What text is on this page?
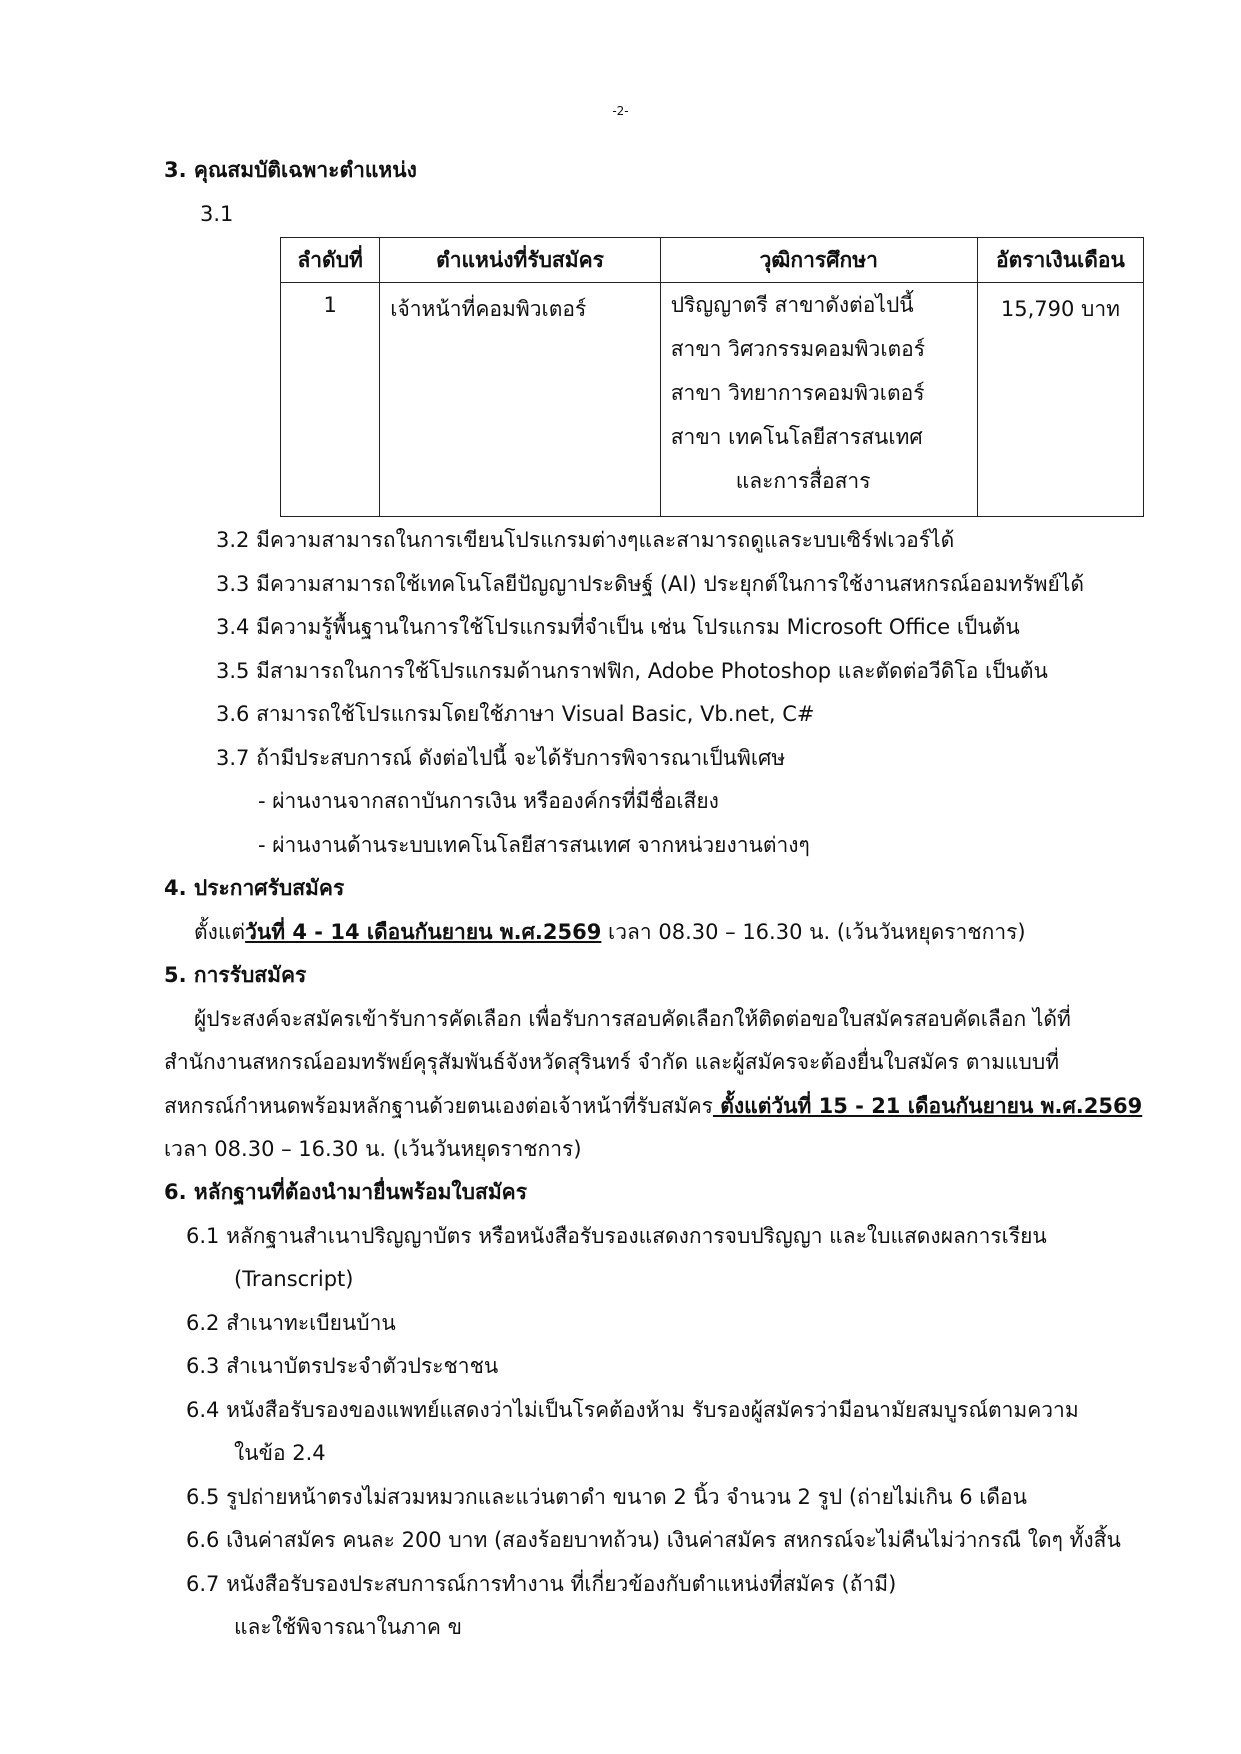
-2-
3. คุณสมบัติเฉพาะตำแหน่ง
3.1
ลำดับที่	ตำแหน่งที่รับสมัคร	วุฒิการศึกษา	อัตราเงินเดือน
1	เจ้าหน้าที่คอมพิวเตอร์	ปริญญาตรี สาขาดังต่อไปนี้
สาขา วิศวกรรมคอมพิวเตอร์
สาขา วิทยาการคอมพิวเตอร์
สาขา เทคโนโลยีสารสนเทศ
และการสื่อสาร	15,790 บาท
3.2 มีความสามารถในการเขียนโปรแกรมต่างๆและสามารถดูแลระบบเซิร์ฟเวอร์ได้
3.3 มีความสามารถใช้เทคโนโลยีปัญญาประดิษฐ์ (AI) ประยุกต์ในการใช้งานสหกรณ์ออมทรัพย์ได้
3.4 มีความรู้พื้นฐานในการใช้โปรแกรมที่จำเป็น เช่น โปรแกรม Microsoft Office เป็นต้น
3.5 มีสามารถในการใช้โปรแกรมด้านกราฟฟิก, Adobe Photoshop และตัดต่อวีดิโอ เป็นต้น
3.6 สามารถใช้โปรแกรมโดยใช้ภาษา Visual Basic, Vb.net, C#
3.7 ถ้ามีประสบการณ์ ดังต่อไปนี้ จะได้รับการพิจารณาเป็นพิเศษ
- ผ่านงานจากสถาบันการเงิน หรือองค์กรที่มีชื่อเสียง
- ผ่านงานด้านระบบเทคโนโลยีสารสนเทศ จากหน่วยงานต่างๆ
4. ประกาศรับสมัคร
ตั้งแต่วันที่ 4 - 14 เดือนกันยายน พ.ศ.2569 เวลา 08.30 – 16.30 น. (เว้นวันหยุดราชการ)
5. การรับสมัคร
ผู้ประสงค์จะสมัครเข้ารับการคัดเลือก เพื่อรับการสอบคัดเลือกให้ติดต่อขอใบสมัครสอบคัดเลือก ได้ที่
สำนักงานสหกรณ์ออมทรัพย์คุรุสัมพันธ์จังหวัดสุรินทร์ จำกัด และผู้สมัครจะต้องยื่นใบสมัคร ตามแบบที่
สหกรณ์กำหนดพร้อมหลักฐานด้วยตนเองต่อเจ้าหน้าที่รับสมัคร ตั้งแต่วันที่ 15 - 21 เดือนกันยายน พ.ศ.2569
เวลา 08.30 – 16.30 น. (เว้นวันหยุดราชการ)
6. หลักฐานที่ต้องนำมายื่นพร้อมใบสมัคร
6.1 หลักฐานสำเนาปริญญาบัตร หรือหนังสือรับรองแสดงการจบปริญญา และใบแสดงผลการเรียน
(Transcript)
6.2 สำเนาทะเบียนบ้าน
6.3 สำเนาบัตรประจำตัวประชาชน
6.4 หนังสือรับรองของแพทย์แสดงว่าไม่เป็นโรคต้องห้าม รับรองผู้สมัครว่ามีอนามัยสมบูรณ์ตามความ
ในข้อ 2.4
6.5 รูปถ่ายหน้าตรงไม่สวมหมวกและแว่นตาดำ ขนาด 2 นิ้ว จำนวน 2 รูป (ถ่ายไม่เกิน 6 เดือน
6.6 เงินค่าสมัคร คนละ 200 บาท (สองร้อยบาทถ้วน) เงินค่าสมัคร สหกรณ์จะไม่คืนไม่ว่ากรณี ใดๆ ทั้งสิ้น
6.7 หนังสือรับรองประสบการณ์การทำงาน ที่เกี่ยวข้องกับตำแหน่งที่สมัคร (ถ้ามี)
และใช้พิจารณาในภาค ข
